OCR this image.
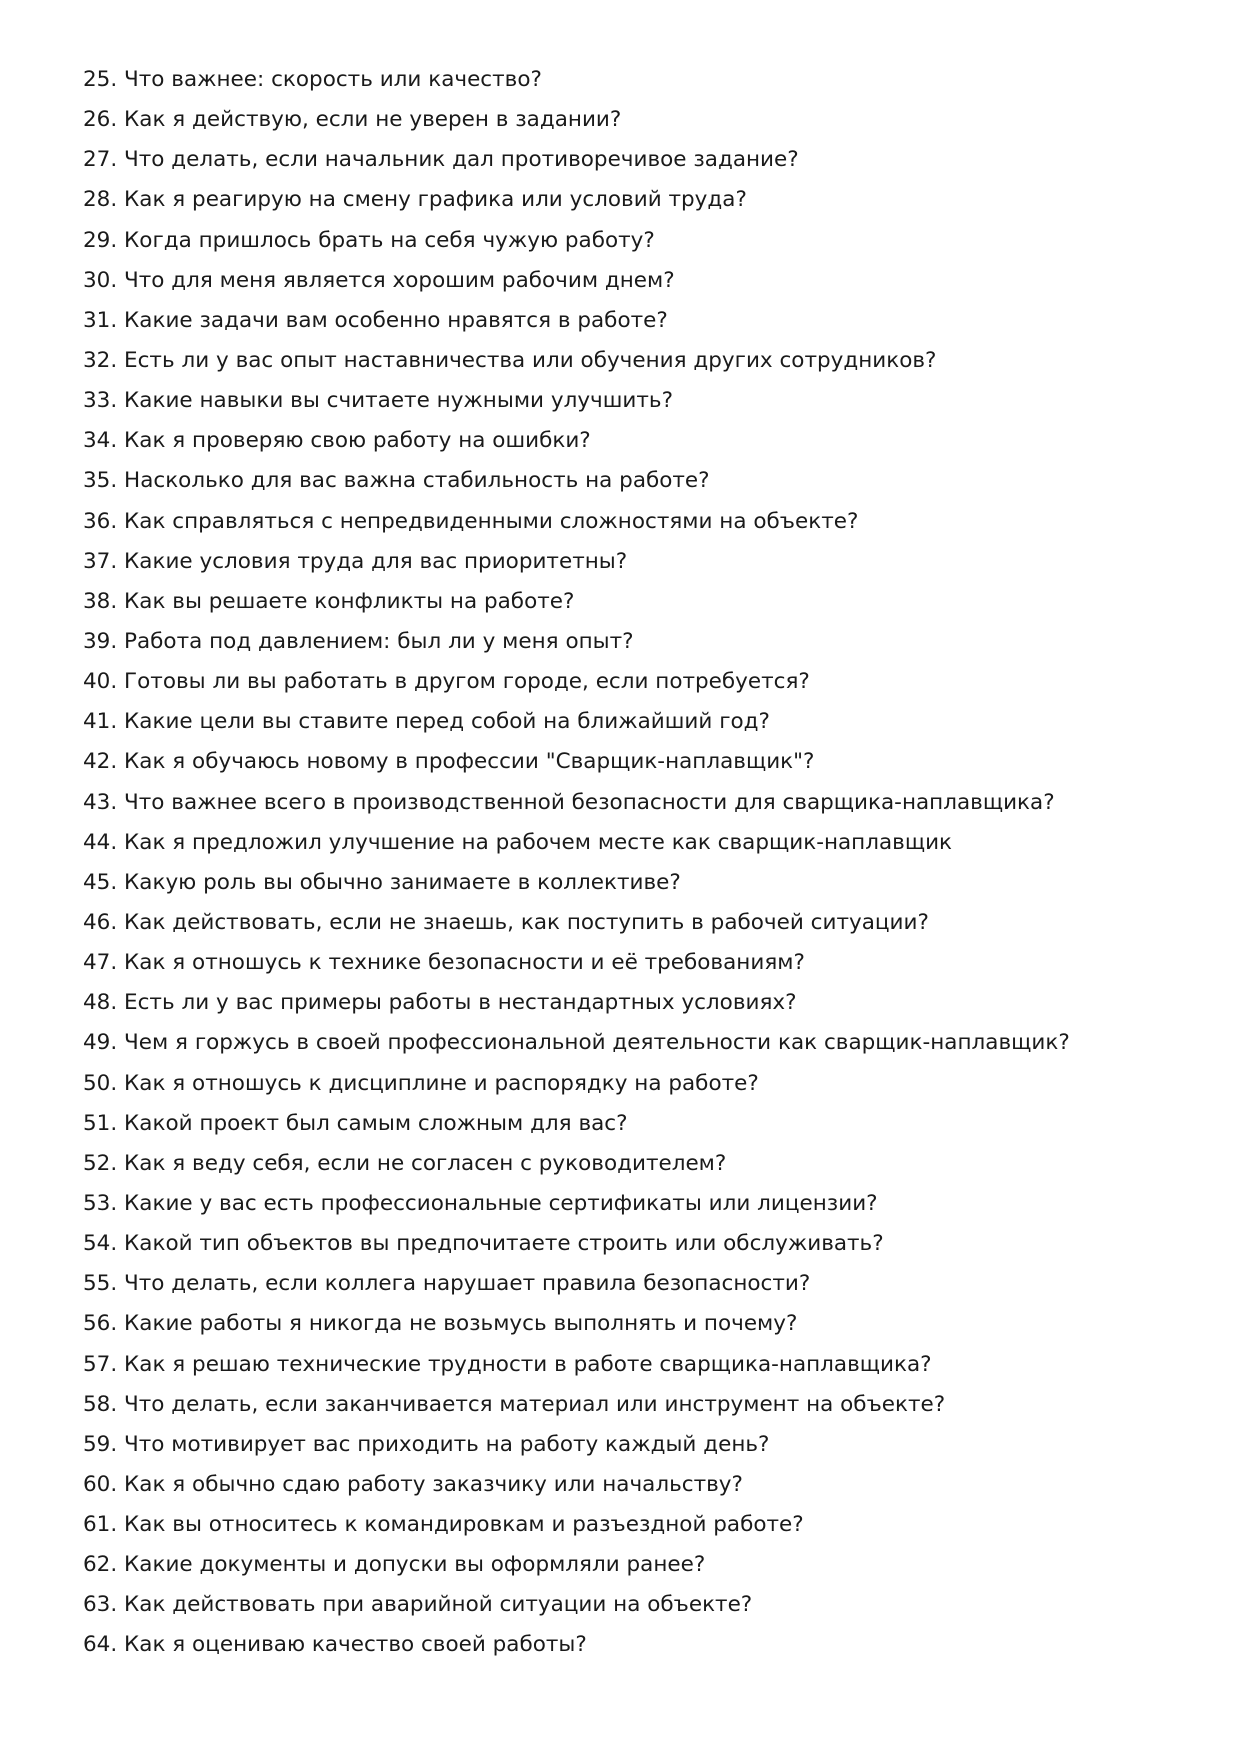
25. Что важнее: скорость или качество?
26. Как я действую, если не уверен в задании?
27. Что делать, если начальник дал противоречивое задание?
28. Как я реагирую на смену графика или условий труда?
29. Когда пришлось брать на себя чужую работу?
30. Что для меня является хорошим рабочим днем?
31. Какие задачи вам особенно нравятся в работе?
32. Есть ли у вас опыт наставничества или обучения других сотрудников?
33. Какие навыки вы считаете нужными улучшить?
34. Как я проверяю свою работу на ошибки?
35. Насколько для вас важна стабильность на работе?
36. Как справляться с непредвиденными сложностями на объекте?
37. Какие условия труда для вас приоритетны?
38. Как вы решаете конфликты на работе?
39. Работа под давлением: был ли у меня опыт?
40. Готовы ли вы работать в другом городе, если потребуется?
41. Какие цели вы ставите перед собой на ближайший год?
42. Как я обучаюсь новому в профессии "Сварщик-наплавщик"?
43. Что важнее всего в производственной безопасности для сварщика-наплавщика?
44. Как я предложил улучшение на рабочем месте как сварщик-наплавщик
45. Какую роль вы обычно занимаете в коллективе?
46. Как действовать, если не знаешь, как поступить в рабочей ситуации?
47. Как я отношусь к технике безопасности и её требованиям?
48. Есть ли у вас примеры работы в нестандартных условиях?
49. Чем я горжусь в своей профессиональной деятельности как сварщик-наплавщик?
50. Как я отношусь к дисциплине и распорядку на работе?
51. Какой проект был самым сложным для вас?
52. Как я веду себя, если не согласен с руководителем?
53. Какие у вас есть профессиональные сертификаты или лицензии?
54. Какой тип объектов вы предпочитаете строить или обслуживать?
55. Что делать, если коллега нарушает правила безопасности?
56. Какие работы я никогда не возьмусь выполнять и почему?
57. Как я решаю технические трудности в работе сварщика-наплавщика?
58. Что делать, если заканчивается материал или инструмент на объекте?
59. Что мотивирует вас приходить на работу каждый день?
60. Как я обычно сдаю работу заказчику или начальству?
61. Как вы относитесь к командировкам и разъездной работе?
62. Какие документы и допуски вы оформляли ранее?
63. Как действовать при аварийной ситуации на объекте?
64. Как я оцениваю качество своей работы?
